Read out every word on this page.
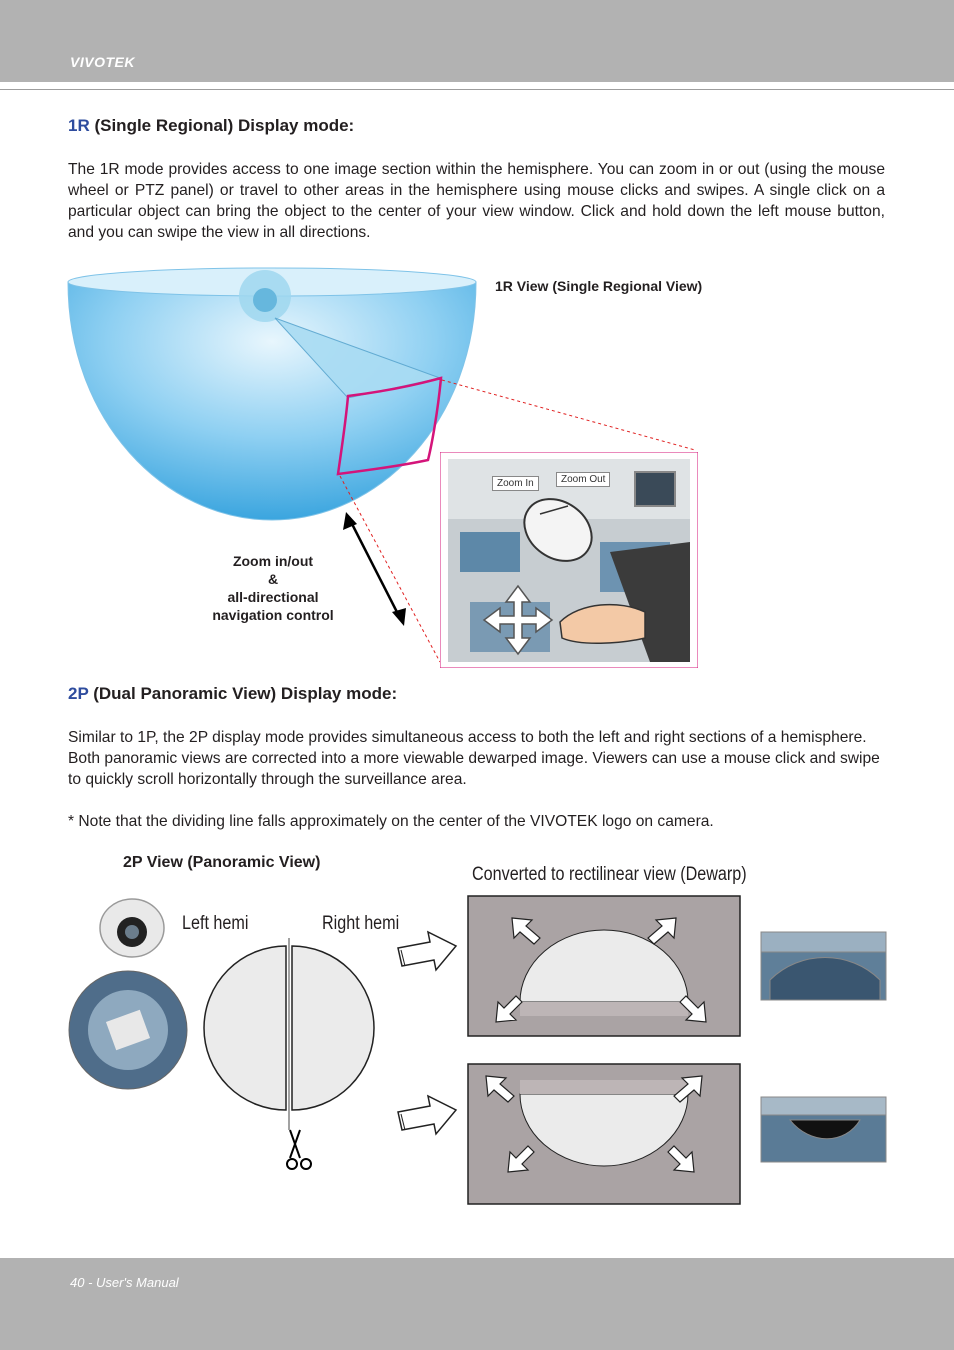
VIVOTEK
1R (Single Regional) Display mode:
The 1R mode provides access to one image section within the hemisphere. You can zoom in or out (using the mouse wheel or PTZ panel) or travel to other areas in the hemisphere using mouse clicks and swipes. A single click on a particular object can bring the object to the center of your view window. Click and hold down the left mouse button, and you can swipe the view in all directions.
1R View (Single Regional View)
Zoom In	Zoom Out
Zoom in/out
&
all-directional
navigation control
2P (Dual Panoramic View) Display mode:
Similar to 1P, the 2P display mode provides simultaneous access to both the left and right sections of a hemisphere. Both panoramic views are corrected into a more viewable dewarped image. Viewers can use a mouse click and swipe to quickly scroll horizontally through the surveillance area.
* Note that the dividing line falls approximately on the center of the VIVOTEK logo on camera.
2P View (Panoramic View)
Converted to rectilinear view (Dewarp)
Left hemi	Right hemi
40 - User's Manual
